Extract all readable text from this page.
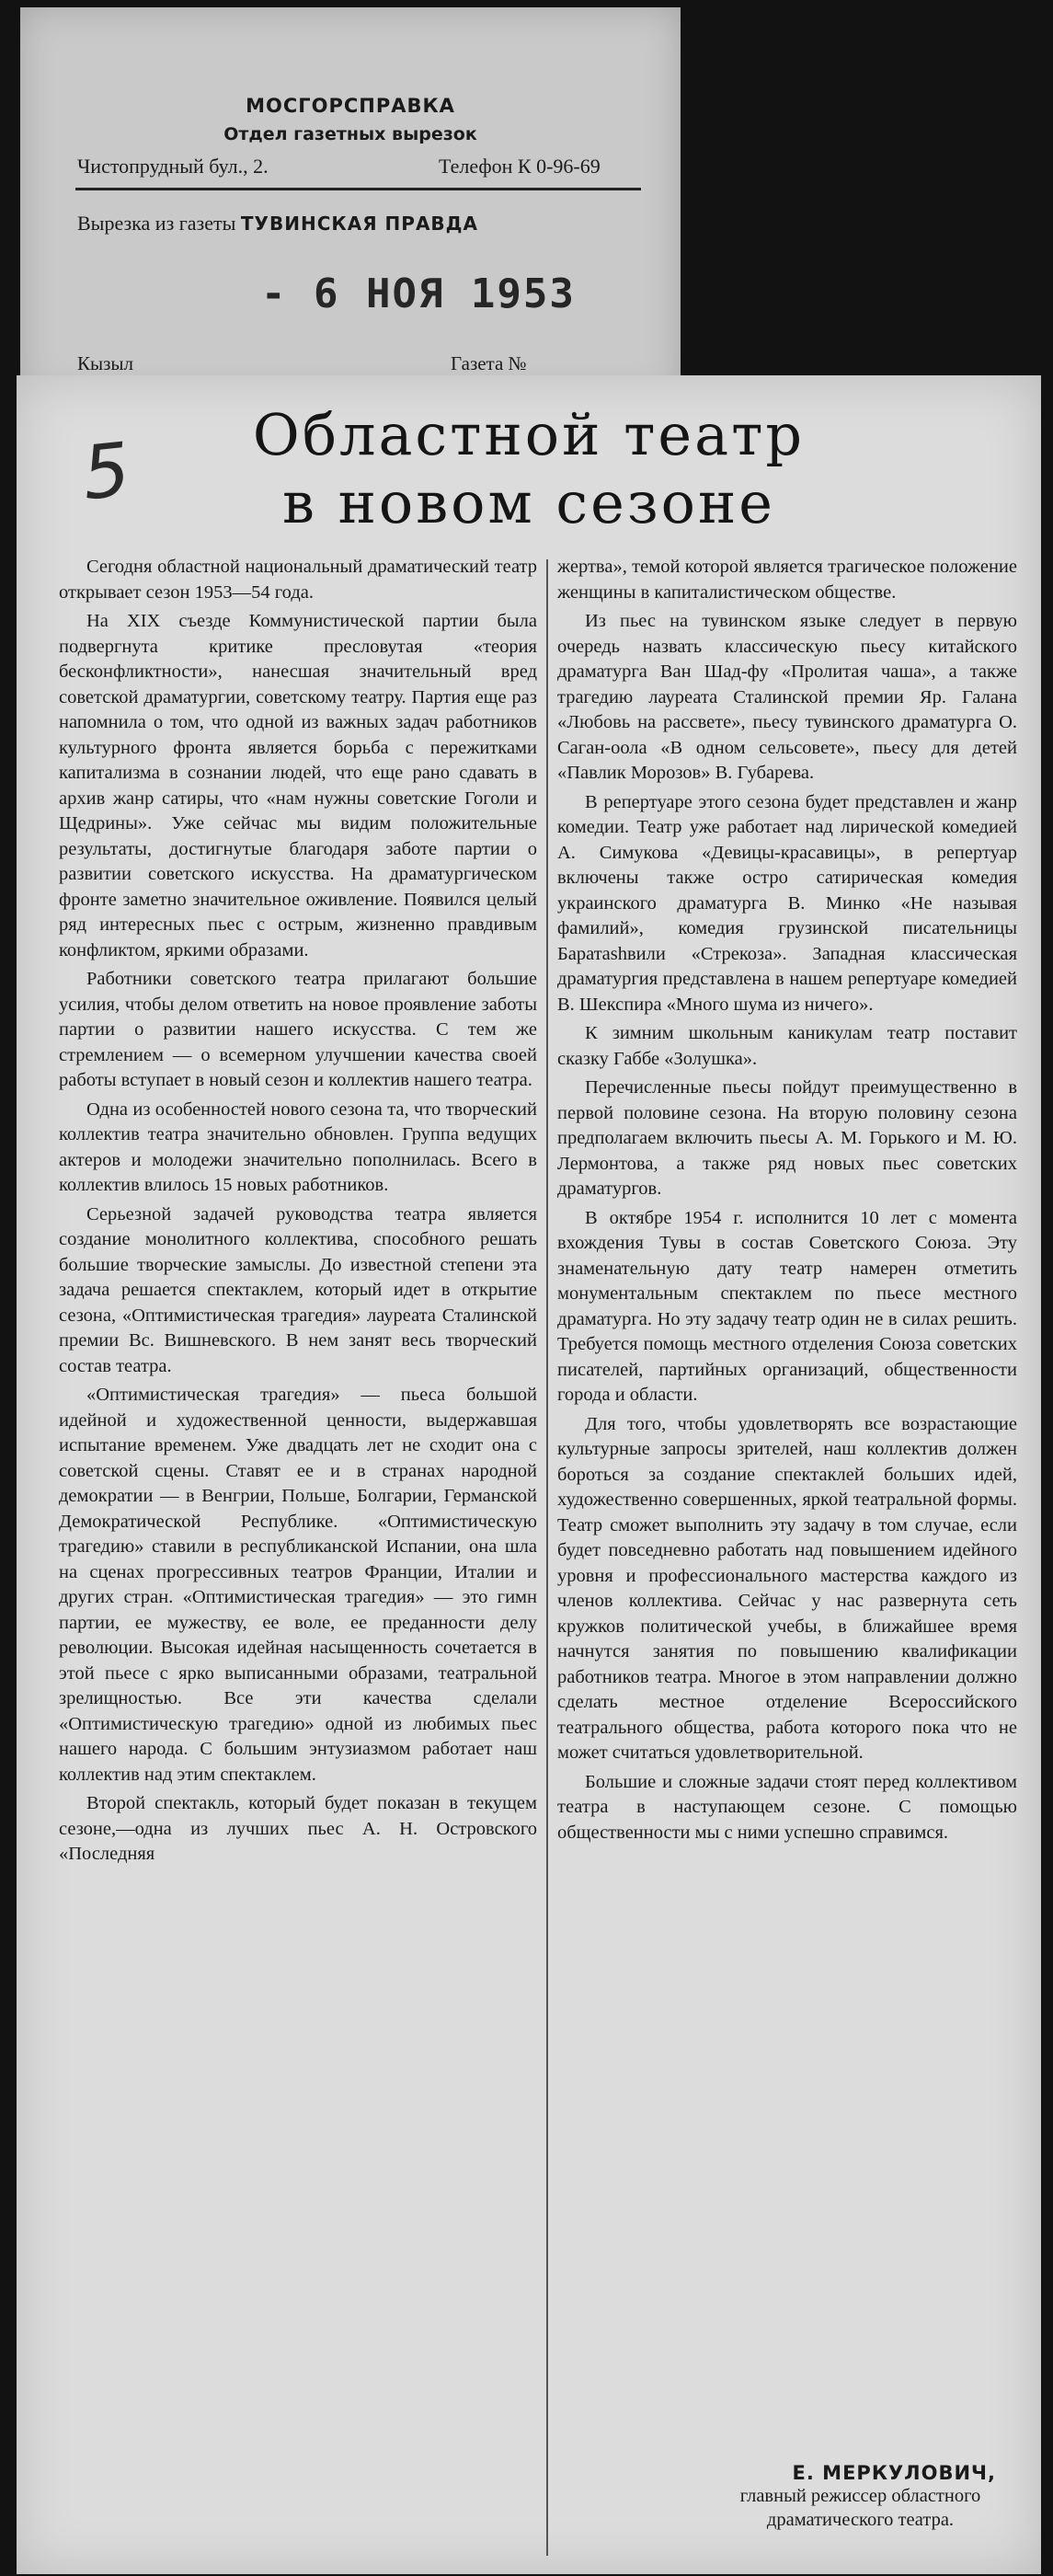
МОСГОРСПРАВКА
Отдел газетных вырезок
Чистопрудный бул., 2.	Телефон К 0-96-69
Вырезка из газеты ТУВИНСКАЯ ПРАВДА
- 6 НОЯ 1953
Кызыл	Газета №
5	Областной театр
в новом сезоне

Сегодня областной национальный драматический театр открывает сезон 1953—54 года.

На XIX съезде Коммунистической партии была подвергнута критике пресловутая «теория бесконфликтности», нанесшая значительный вред советской драматургии, советскому театру. Партия еще раз напомнила о том, что одной из важных задач работников культурного фронта является борьба с пережитками капитализма в сознании людей, что еще рано сдавать в архив жанр сатиры, что «нам нужны советские Гоголи и Щедрины». Уже сейчас мы видим положительные результаты, достигнутые благодаря заботе партии о развитии советского искусства. На драматургическом фронте заметно значительное оживление. Появился целый ряд интересных пьес с острым, жизненно правдивым конфликтом, яркими образами.

Работники советского театра прилагают большие усилия, чтобы делом ответить на новое проявление заботы партии о развитии нашего искусства. С тем же стремлением — о всемерном улучшении качества своей работы вступает в новый сезон и коллектив нашего театра.

Одна из особенностей нового сезона та, что творческий коллектив театра значительно обновлен. Группа ведущих актеров и молодежи значительно пополнилась. Всего в коллектив влилось 15 новых работников.

Серьезной задачей руководства театра является создание монолитного коллектива, способного решать большие творческие замыслы. До известной степени эта задача решается спектаклем, который идет в открытие сезона, «Оптимистическая трагедия» лауреата Сталинской премии Вс. Вишневского. В нем занят весь творческий состав театра.

«Оптимистическая трагедия» — пьеса большой идейной и художественной ценности, выдержавшая испытание временем. Уже двадцать лет не сходит она с советской сцены. Ставят ее и в странах народной демократии — в Венгрии, Польше, Болгарии, Германской Демократической Республике. «Оптимистическую трагедию» ставили в республиканской Испании, она шла на сценах прогрессивных театров Франции, Италии и других стран. «Оптимистическая трагедия» — это гимн партии, ее мужеству, ее воле, ее преданности делу революции. Высокая идейная насыщенность сочетается в этой пьесе с ярко выписанными образами, театральной зрелищностью. Все эти качества сделали «Оптимистическую трагедию» одной из любимых пьес нашего народа. С большим энтузиазмом работает наш коллектив над этим спектаклем.

Второй спектакль, который будет показан в текущем сезоне,—одна из лучших пьес А. Н. Островского «Последняя

жертва», темой которой является трагическое положение женщины в капиталистическом обществе.

Из пьес на тувинском языке следует в первую очередь назвать классическую пьесу китайского драматурга Ван Шад-фу «Пролитая чаша», а также трагедию лауреата Сталинской премии Яр. Галана «Любовь на рассвете», пьесу тувинского драматурга О. Саган-оола «В одном сельсовете», пьесу для детей «Павлик Морозов» В. Губарева.

В репертуаре этого сезона будет представлен и жанр комедии. Театр уже работает над лирической комедией А. Симукова «Девицы-красавицы», в репертуар включены также остро сатирическая комедия украинского драматурга В. Минко «Не называя фамилий», комедия грузинской писательницы Баратashвили «Стрекоза». Западная классическая драматургия представлена в нашем репертуаре комедией В. Шекспира «Много шума из ничего».

К зимним школьным каникулам театр поставит сказку Габбе «Золушка».

Перечисленные пьесы пойдут преимущественно в первой половине сезона. На вторую половину сезона предполагаем включить пьесы А. М. Горького и М. Ю. Лермонтова, а также ряд новых пьес советских драматургов.

В октябре 1954 г. исполнится 10 лет с момента вхождения Тувы в состав Советского Союза. Эту знаменательную дату театр намерен отметить монументальным спектаклем по пьесе местного драматурга. Но эту задачу театр один не в силах решить. Требуется помощь местного отделения Союза советских писателей, партийных организаций, общественности города и области.

Для того, чтобы удовлетворять все возрастающие культурные запросы зрителей, наш коллектив должен бороться за создание спектаклей больших идей, художественно совершенных, яркой театральной формы. Театр сможет выполнить эту задачу в том случае, если будет повседневно работать над повышением идейного уровня и профессионального мастерства каждого из членов коллектива. Сейчас у нас развернута сеть кружков политической учебы, в ближайшее время начнутся занятия по повышению квалификации работников театра. Многое в этом направлении должно сделать местное отделение Всероссийского театрального общества, работа которого пока что не может считаться удовлетворительной.

Большие и сложные задачи стоят перед коллективом театра в наступающем сезоне. С помощью общественности мы с ними успешно справимся.

Е. МЕРКУЛОВИЧ,
главный режиссер областного драматического театра.
